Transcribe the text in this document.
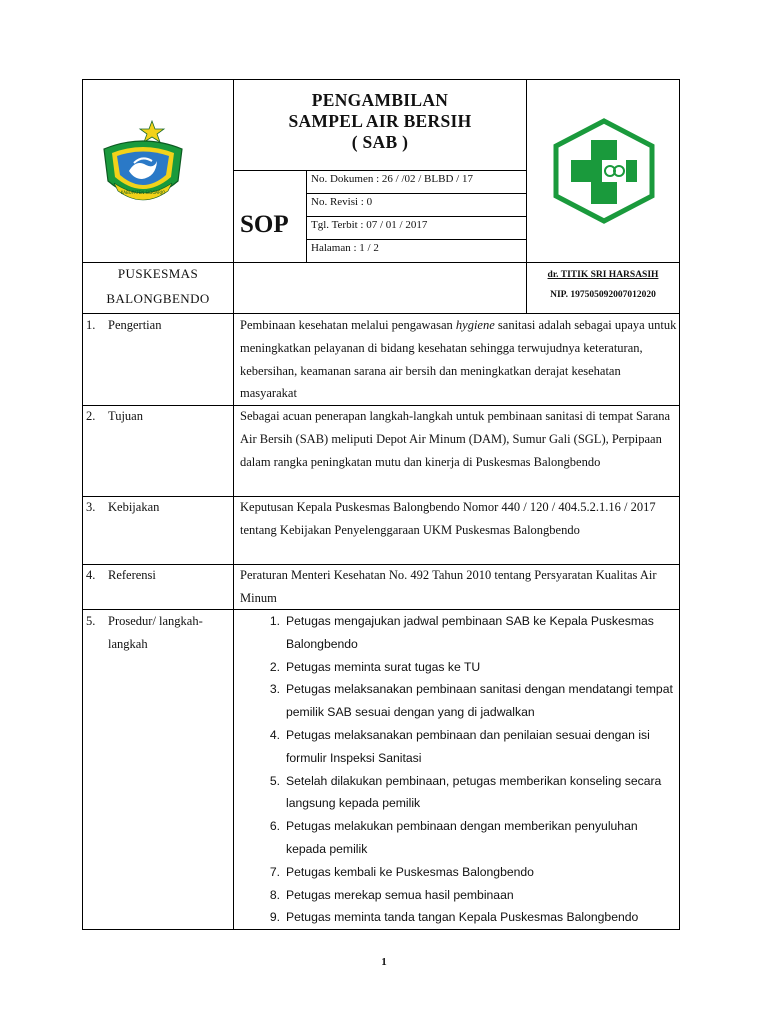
KABUPATEN SIDOARJO
PENGAMBILAN
SAMPEL AIR BERSIH
( SAB )
SOP
No. Dokumen : 26 / /02 / BLBD / 17
No. Revisi : 0
Tgl. Terbit : 07 / 01 / 2017
Halaman : 1 / 2
PUSKESMAS
BALONGBENDO
dr. TITIK SRI HARSASIH
NIP. 197505092007012020
1. Pengertian	Pembinaan kesehatan melalui pengawasan hygiene sanitasi adalah sebagai upaya untuk meningkatkan pelayanan di bidang kesehatan sehingga terwujudnya keteraturan, kebersihan, keamanan sarana air bersih dan meningkatkan derajat kesehatan masyarakat
2. Tujuan	Sebagai acuan penerapan langkah-langkah untuk pembinaan sanitasi di tempat Sarana Air Bersih (SAB) meliputi Depot Air Minum (DAM), Sumur Gali (SGL), Perpipaan dalam rangka peningkatan mutu dan kinerja di Puskesmas Balongbendo
3. Kebijakan	Keputusan Kepala Puskesmas Balongbendo Nomor 440 / 120 / 404.5.2.1.16 / 2017 tentang Kebijakan Penyelenggaraan UKM Puskesmas Balongbendo
4. Referensi	Peraturan Menteri Kesehatan No. 492 Tahun 2010 tentang Persyaratan Kualitas Air Minum
5. Prosedur/ langkah-langkah
1. Petugas mengajukan jadwal pembinaan SAB ke Kepala Puskesmas Balongbendo
2. Petugas meminta surat tugas ke TU
3. Petugas melaksanakan pembinaan sanitasi dengan mendatangi tempat pemilik SAB sesuai dengan yang di jadwalkan
4. Petugas melaksanakan pembinaan dan penilaian sesuai dengan isi formulir Inspeksi Sanitasi
5. Setelah dilakukan pembinaan, petugas memberikan konseling secara langsung kepada pemilik
6. Petugas melakukan pembinaan dengan memberikan penyuluhan kepada pemilik
7. Petugas kembali ke Puskesmas Balongbendo
8. Petugas merekap semua hasil pembinaan
9. Petugas meminta tanda tangan Kepala Puskesmas Balongbendo
1
